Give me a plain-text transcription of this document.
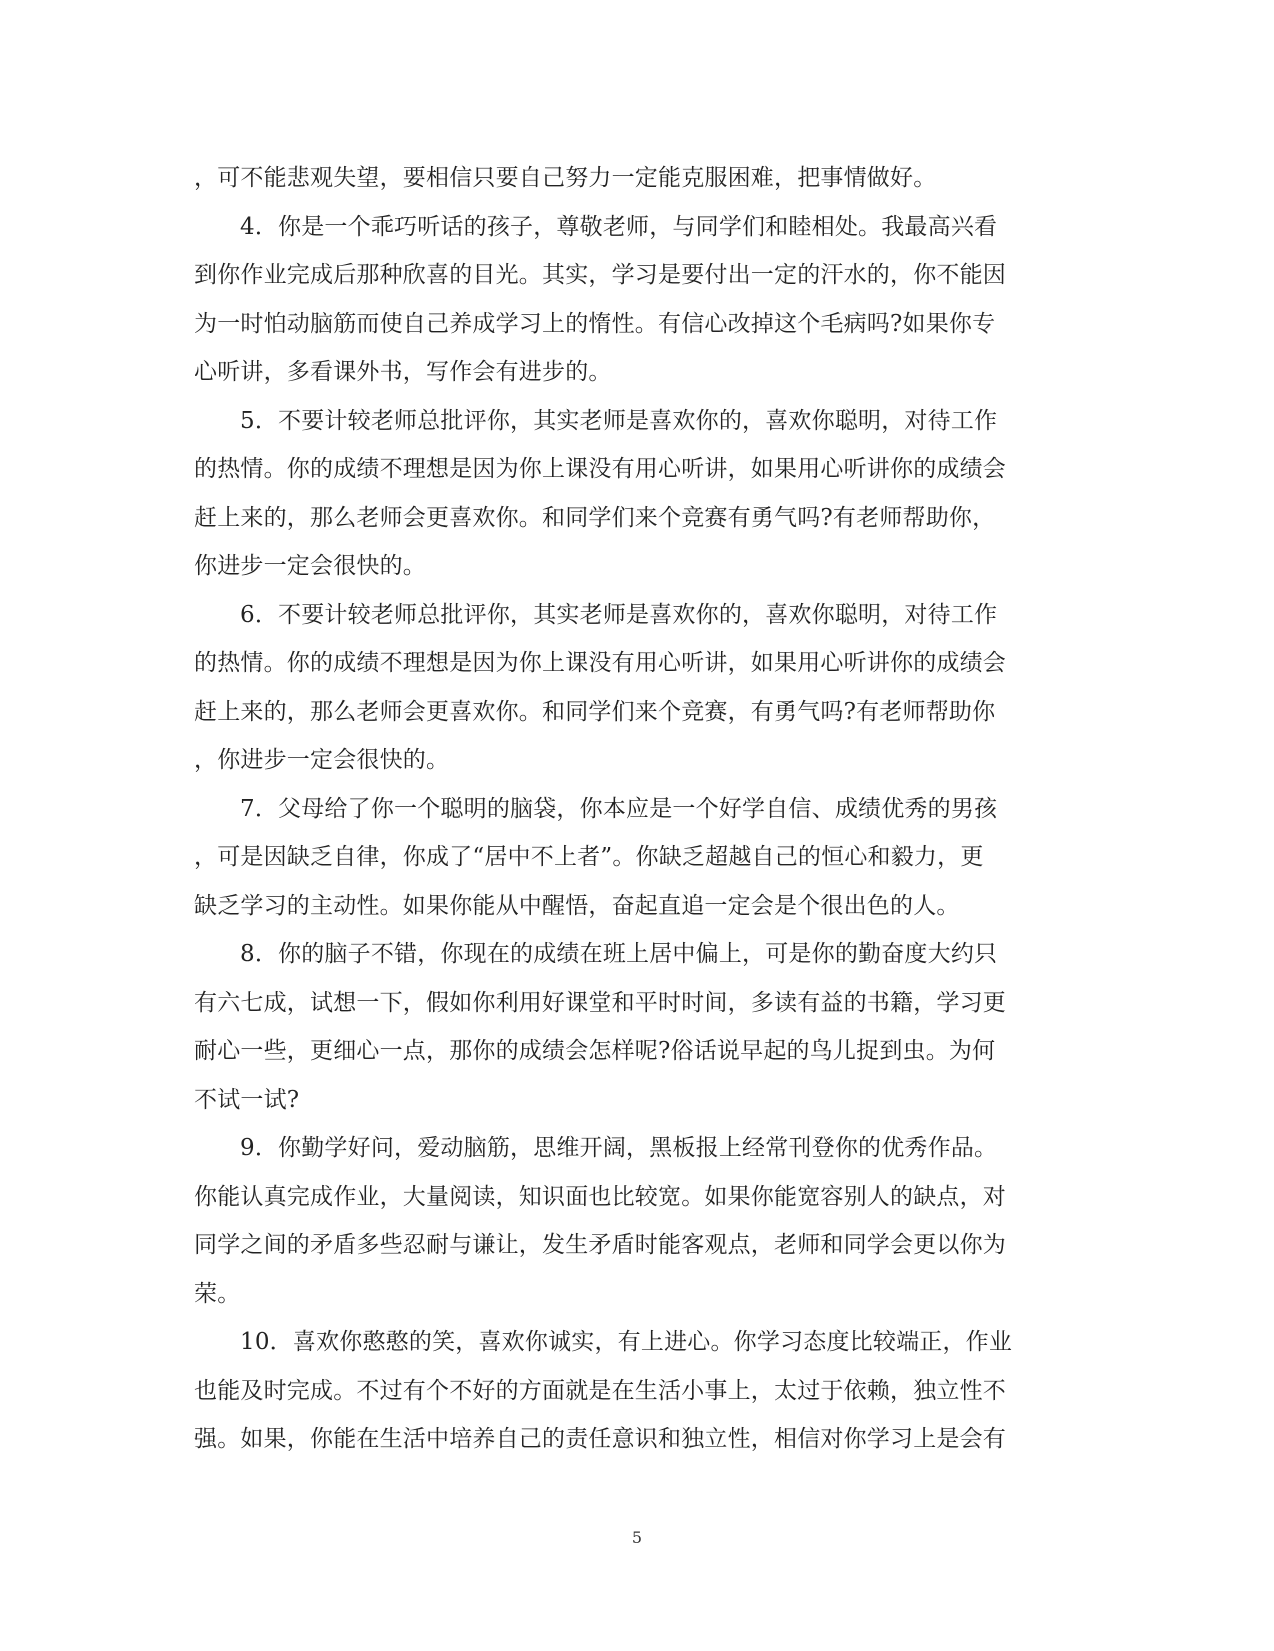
，可不能悲观失望，要相信只要自己努力一定能克服困难，把事情做好。

4．你是一个乖巧听话的孩子，尊敬老师，与同学们和睦相处。我最高兴看
到你作业完成后那种欣喜的目光。其实，学习是要付出一定的汗水的，你不能因
为一时怕动脑筋而使自己养成学习上的惰性。有信心改掉这个毛病吗?如果你专
心听讲，多看课外书，写作会有进步的。

5．不要计较老师总批评你，其实老师是喜欢你的，喜欢你聪明，对待工作
的热情。你的成绩不理想是因为你上课没有用心听讲，如果用心听讲你的成绩会
赶上来的，那么老师会更喜欢你。和同学们来个竞赛有勇气吗?有老师帮助你，
你进步一定会很快的。

6．不要计较老师总批评你，其实老师是喜欢你的，喜欢你聪明，对待工作
的热情。你的成绩不理想是因为你上课没有用心听讲，如果用心听讲你的成绩会
赶上来的，那么老师会更喜欢你。和同学们来个竞赛，有勇气吗?有老师帮助你
，你进步一定会很快的。

7．父母给了你一个聪明的脑袋，你本应是一个好学自信、成绩优秀的男孩
，可是因缺乏自律，你成了“居中不上者”。你缺乏超越自己的恒心和毅力，更
缺乏学习的主动性。如果你能从中醒悟，奋起直追一定会是个很出色的人。

8．你的脑子不错，你现在的成绩在班上居中偏上，可是你的勤奋度大约只
有六七成，试想一下，假如你利用好课堂和平时时间，多读有益的书籍，学习更
耐心一些，更细心一点，那你的成绩会怎样呢?俗话说早起的鸟儿捉到虫。为何
不试一试?

9．你勤学好问，爱动脑筋，思维开阔，黑板报上经常刊登你的优秀作品。
你能认真完成作业，大量阅读，知识面也比较宽。如果你能宽容别人的缺点，对
同学之间的矛盾多些忍耐与谦让，发生矛盾时能客观点，老师和同学会更以你为
荣。

10．喜欢你憨憨的笑，喜欢你诚实，有上进心。你学习态度比较端正，作业
也能及时完成。不过有个不好的方面就是在生活小事上，太过于依赖，独立性不
强。如果，你能在生活中培养自己的责任意识和独立性，相信对你学习上是会有

5
